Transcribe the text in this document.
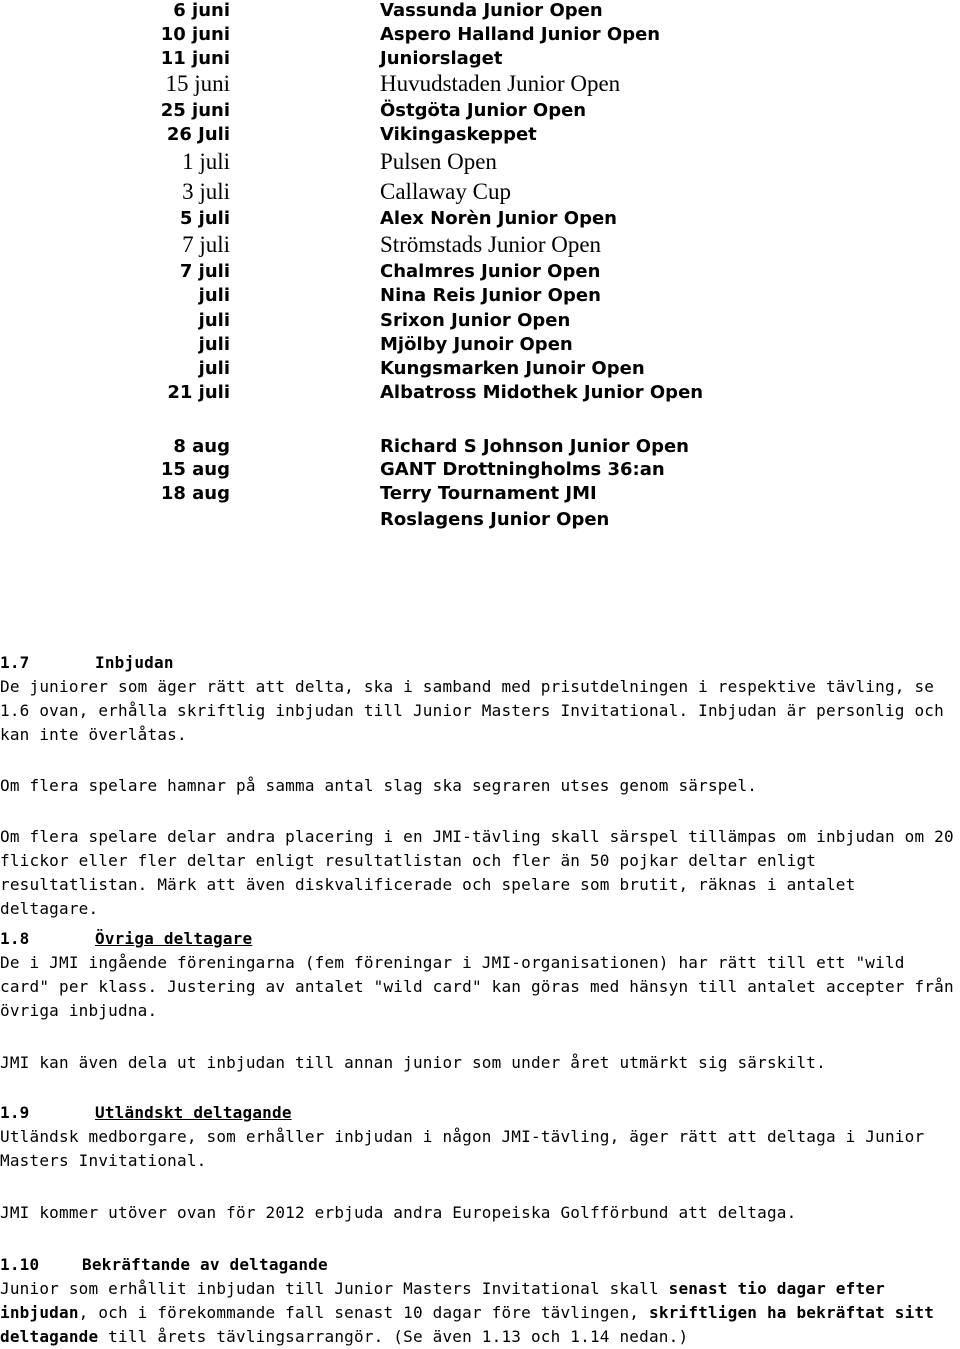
6 juni	Vassunda Junior Open
10 juni	Aspero Halland Junior Open
11 juni	Juniorslaget
15 juni	Huvudstaden Junior Open
25 juni	Östgöta Junior Open
26 Juli	Vikingaskeppet
1 juli	Pulsen Open
3 juli	Callaway Cup
5 juli	Alex Norèn Junior Open
7 juli	Strömstads Junior Open
7 juli	Chalmres Junior Open
juli	Nina Reis Junior Open
juli	Srixon Junior Open
juli	Mjölby Junoir Open
juli	Kungsmarken Junoir Open
21 juli	Albatross Midothek Junior Open
8 aug	Richard S Johnson Junior Open
15 aug	GANT Drottningholms 36:an
18 aug	Terry Tournament JMI
Roslagens Junior Open
1.7	Inbjudan

De juniorer som äger rätt att delta, ska i samband med prisutdelningen i respektive tävling, se 1.6 ovan, erhålla skriftlig inbjudan till Junior Masters Invitational. Inbjudan är personlig och kan inte överlåtas.

Om flera spelare hamnar på samma antal slag ska segraren utses genom särspel.

Om flera spelare delar andra placering i en JMI-tävling skall särspel tillämpas om inbjudan om 20 flickor eller fler deltar enligt resultatlistan och fler än 50 pojkar deltar enligt resultatlistan. Märk att även diskvalificerade och spelare som brutit, räknas i antalet deltagare.

1.8	Övriga deltagare

De i JMI ingående föreningarna (fem föreningar i JMI-organisationen) har rätt till ett "wild card" per klass. Justering av antalet "wild card" kan göras med hänsyn till antalet accepter från övriga inbjudna.

JMI kan även dela ut inbjudan till annan junior som under året utmärkt sig särskilt.

1.9	Utländskt deltagande

Utländsk medborgare, som erhåller inbjudan i någon JMI-tävling, äger rätt att deltaga i Junior Masters Invitational.

JMI kommer utöver ovan för 2012 erbjuda andra Europeiska Golfförbund att deltaga.

1.10	Bekräftande av deltagande

Junior som erhållit inbjudan till Junior Masters Invitational skall senast tio dagar efter inbjudan, och i förekommande fall senast 10 dagar före tävlingen, skriftligen ha bekräftat sitt deltagande till årets tävlingsarrangör. (Se även 1.13 och 1.14 nedan.)
